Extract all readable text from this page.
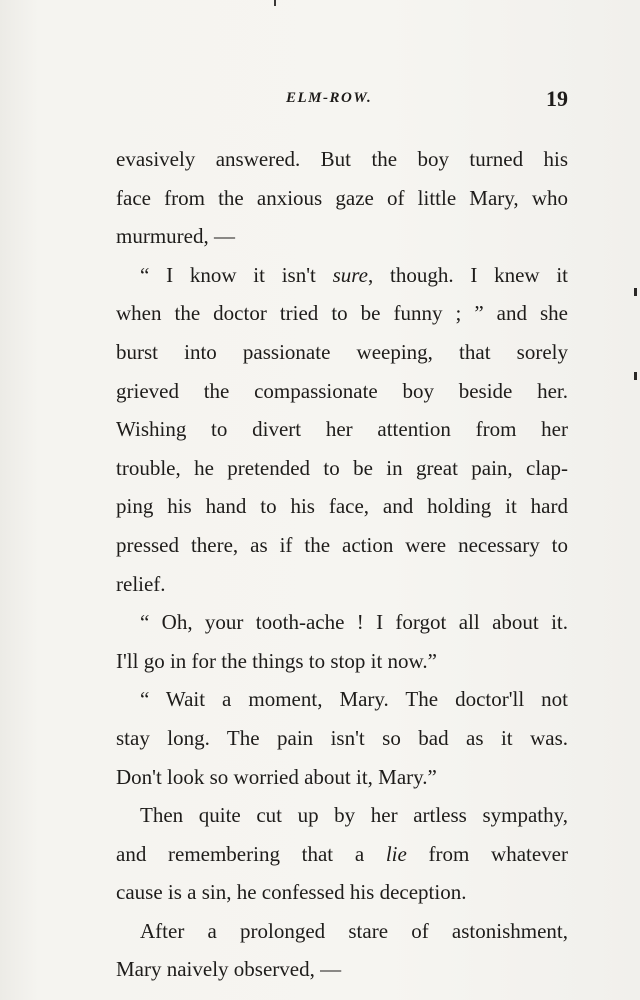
ELM-ROW.	19
evasively answered. But the boy turned his
face from the anxious gaze of little Mary, who
murmured, —
“ I know it isn't sure, though. I knew it
when the doctor tried to be funny ; ” and she
burst into passionate weeping, that sorely
grieved the compassionate boy beside her.
Wishing to divert her attention from her
trouble, he pretended to be in great pain, clap-
ping his hand to his face, and holding it hard
pressed there, as if the action were necessary to
relief.
“ Oh, your tooth-ache ! I forgot all about it.
I'll go in for the things to stop it now.”
“ Wait a moment, Mary. The doctor'll not
stay long. The pain isn't so bad as it was.
Don't look so worried about it, Mary.”
Then quite cut up by her artless sympathy,
and remembering that a lie from whatever
cause is a sin, he confessed his deception.
After a prolonged stare of astonishment,
Mary naively observed, —
